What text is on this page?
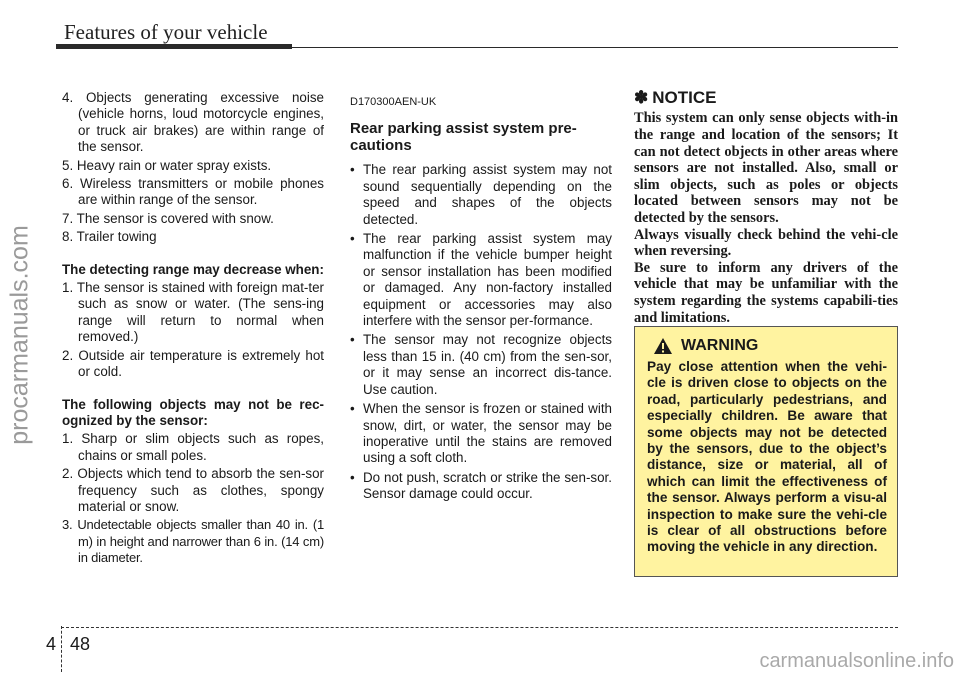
Features of your vehicle
procarmanuals.com
4. Objects generating excessive noise (vehicle horns, loud motorcycle engines, or truck air brakes) are within range of the sensor.
5. Heavy rain or water spray exists.
6. Wireless transmitters or mobile phones are within range of the sensor.
7. The sensor is covered with snow.
8. Trailer towing
The detecting range may decrease when:
1. The sensor is stained with foreign mat-ter such as snow or water. (The sens-ing range will return to normal when removed.)
2. Outside air temperature is extremely hot or cold.
The following objects may not be rec-ognized by the sensor:
1. Sharp or slim objects such as ropes, chains or small poles.
2. Objects which tend to absorb the sen-sor frequency such as clothes, spongy material or snow.
3. Undetectable objects smaller than 40 in. (1 m) in height and narrower than 6 in. (14 cm) in diameter.
D170300AEN-UK
Rear parking assist system pre-cautions
• The rear parking assist system may not sound sequentially depending on the speed and shapes of the objects detected.
• The rear parking assist system may malfunction if the vehicle bumper height or sensor installation has been modified or damaged. Any non-factory installed equipment or accessories may also interfere with the sensor per-formance.
• The sensor may not recognize objects less than 15 in. (40 cm) from the sen-sor, or it may sense an incorrect dis-tance. Use caution.
• When the sensor is frozen or stained with snow, dirt, or water, the sensor may be inoperative until the stains are removed using a soft cloth.
• Do not push, scratch or strike the sen-sor. Sensor damage could occur.
✽ NOTICE
This system can only sense objects with-in the range and location of the sensors; It can not detect objects in other areas where sensors are not installed. Also, small or slim objects, such as poles or objects located between sensors may not be detected by the sensors.
Always visually check behind the vehi-cle when reversing.
Be sure to inform any drivers of the vehicle that may be unfamiliar with the system regarding the systems capabili-ties and limitations.
WARNING
Pay close attention when the vehi-cle is driven close to objects on the road, particularly pedestrians, and especially children. Be aware that some objects may not be detected by the sensors, due to the object’s distance, size or material, all of which can limit the effectiveness of the sensor. Always perform a visu-al inspection to make sure the vehi-cle is clear of all obstructions before moving the vehicle in any direction.
4 48
carmanualsonline.info
